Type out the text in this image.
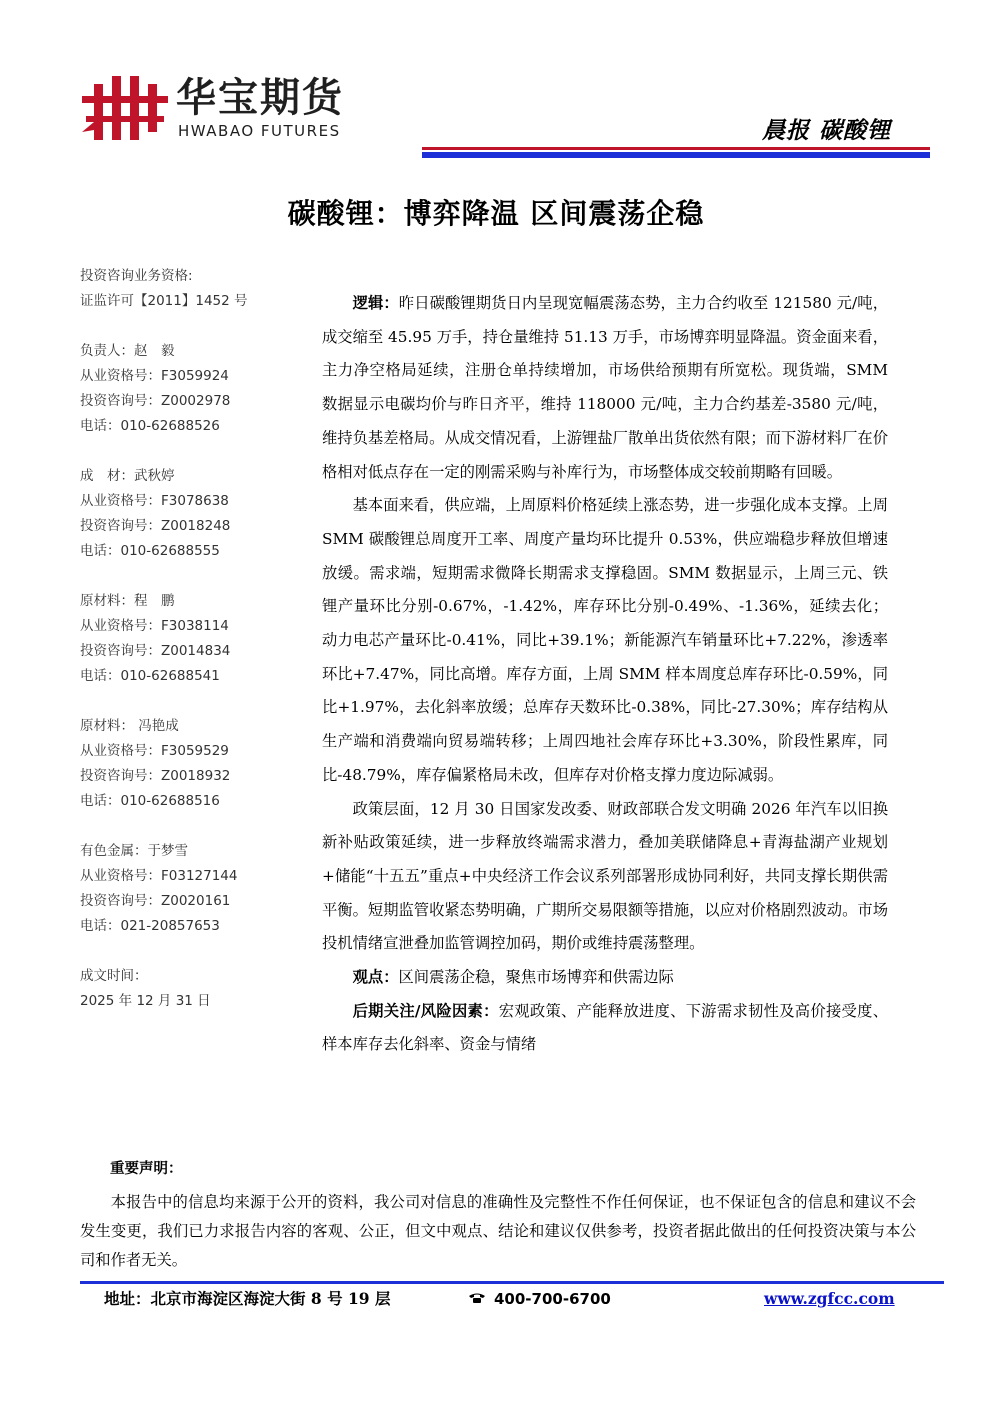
华宝期货
HWABAO FUTURES	晨报 碳酸锂
碳酸锂：博弈降温 区间震荡企稳
投资咨询业务资格:
证监许可【2011】1452 号
负责人：赵　毅
从业资格号：F3059924
投资咨询号：Z0002978
电话：010-62688526
成　材：武秋婷
从业资格号：F3078638
投资咨询号：Z0018248
电话：010-62688555
原材料：程　鹏
从业资格号：F3038114
投资咨询号：Z0014834
电话：010-62688541
原材料： 冯艳成
从业资格号：F3059529
投资咨询号：Z0018932
电话：010-62688516
有色金属：于梦雪
从业资格号：F03127144
投资咨询号：Z0020161
电话：021-20857653
成文时间：
2025 年 12 月 31 日

逻辑：昨日碳酸锂期货日内呈现宽幅震荡态势，主力合约收至 121580 元/吨，成交缩至 45.95 万手，持仓量维持 51.13 万手，市场博弈明显降温。资金面来看，主力净空格局延续，注册仓单持续增加，市场供给预期有所宽松。现货端，SMM 数据显示电碳均价与昨日齐平，维持 118000 元/吨，主力合约基差-3580 元/吨，维持负基差格局。从成交情况看，上游锂盐厂散单出货依然有限；而下游材料厂在价格相对低点存在一定的刚需采购与补库行为，市场整体成交较前期略有回暖。

基本面来看，供应端，上周原料价格延续上涨态势，进一步强化成本支撑。上周 SMM 碳酸锂总周度开工率、周度产量均环比提升 0.53%，供应端稳步释放但增速放缓。需求端，短期需求微降长期需求支撑稳固。SMM 数据显示，上周三元、铁锂产量环比分别-0.67%，-1.42%，库存环比分别-0.49%、-1.36%，延续去化；动力电芯产量环比-0.41%，同比+39.1%；新能源汽车销量环比+7.22%，渗透率环比+7.47%，同比高增。库存方面，上周 SMM 样本周度总库存环比-0.59%，同比+1.97%，去化斜率放缓；总库存天数环比-0.38%，同比-27.30%；库存结构从生产端和消费端向贸易端转移；上周四地社会库存环比+3.30%，阶段性累库，同比-48.79%，库存偏紧格局未改，但库存对价格支撑力度边际减弱。

政策层面，12 月 30 日国家发改委、财政部联合发文明确 2026 年汽车以旧换新补贴政策延续，进一步释放终端需求潜力，叠加美联储降息+青海盐湖产业规划+储能“十五五”重点+中央经济工作会议系列部署形成协同利好，共同支撑长期供需平衡。短期监管收紧态势明确，广期所交易限额等措施，以应对价格剧烈波动。市场投机情绪宣泄叠加监管调控加码，期价或维持震荡整理。

观点：区间震荡企稳，聚焦市场博弈和供需边际

后期关注/风险因素：宏观政策、产能释放进度、下游需求韧性及高价接受度、样本库存去化斜率、资金与情绪

重要声明：
本报告中的信息均来源于公开的资料，我公司对信息的准确性及完整性不作任何保证，也不保证包含的信息和建议不会发生变更，我们已力求报告内容的客观、公正，但文中观点、结论和建议仅供参考，投资者据此做出的任何投资决策与本公司和作者无关。
地址：北京市海淀区海淀大街 8 号 19 层	400-700-6700	www.zgfcc.com
